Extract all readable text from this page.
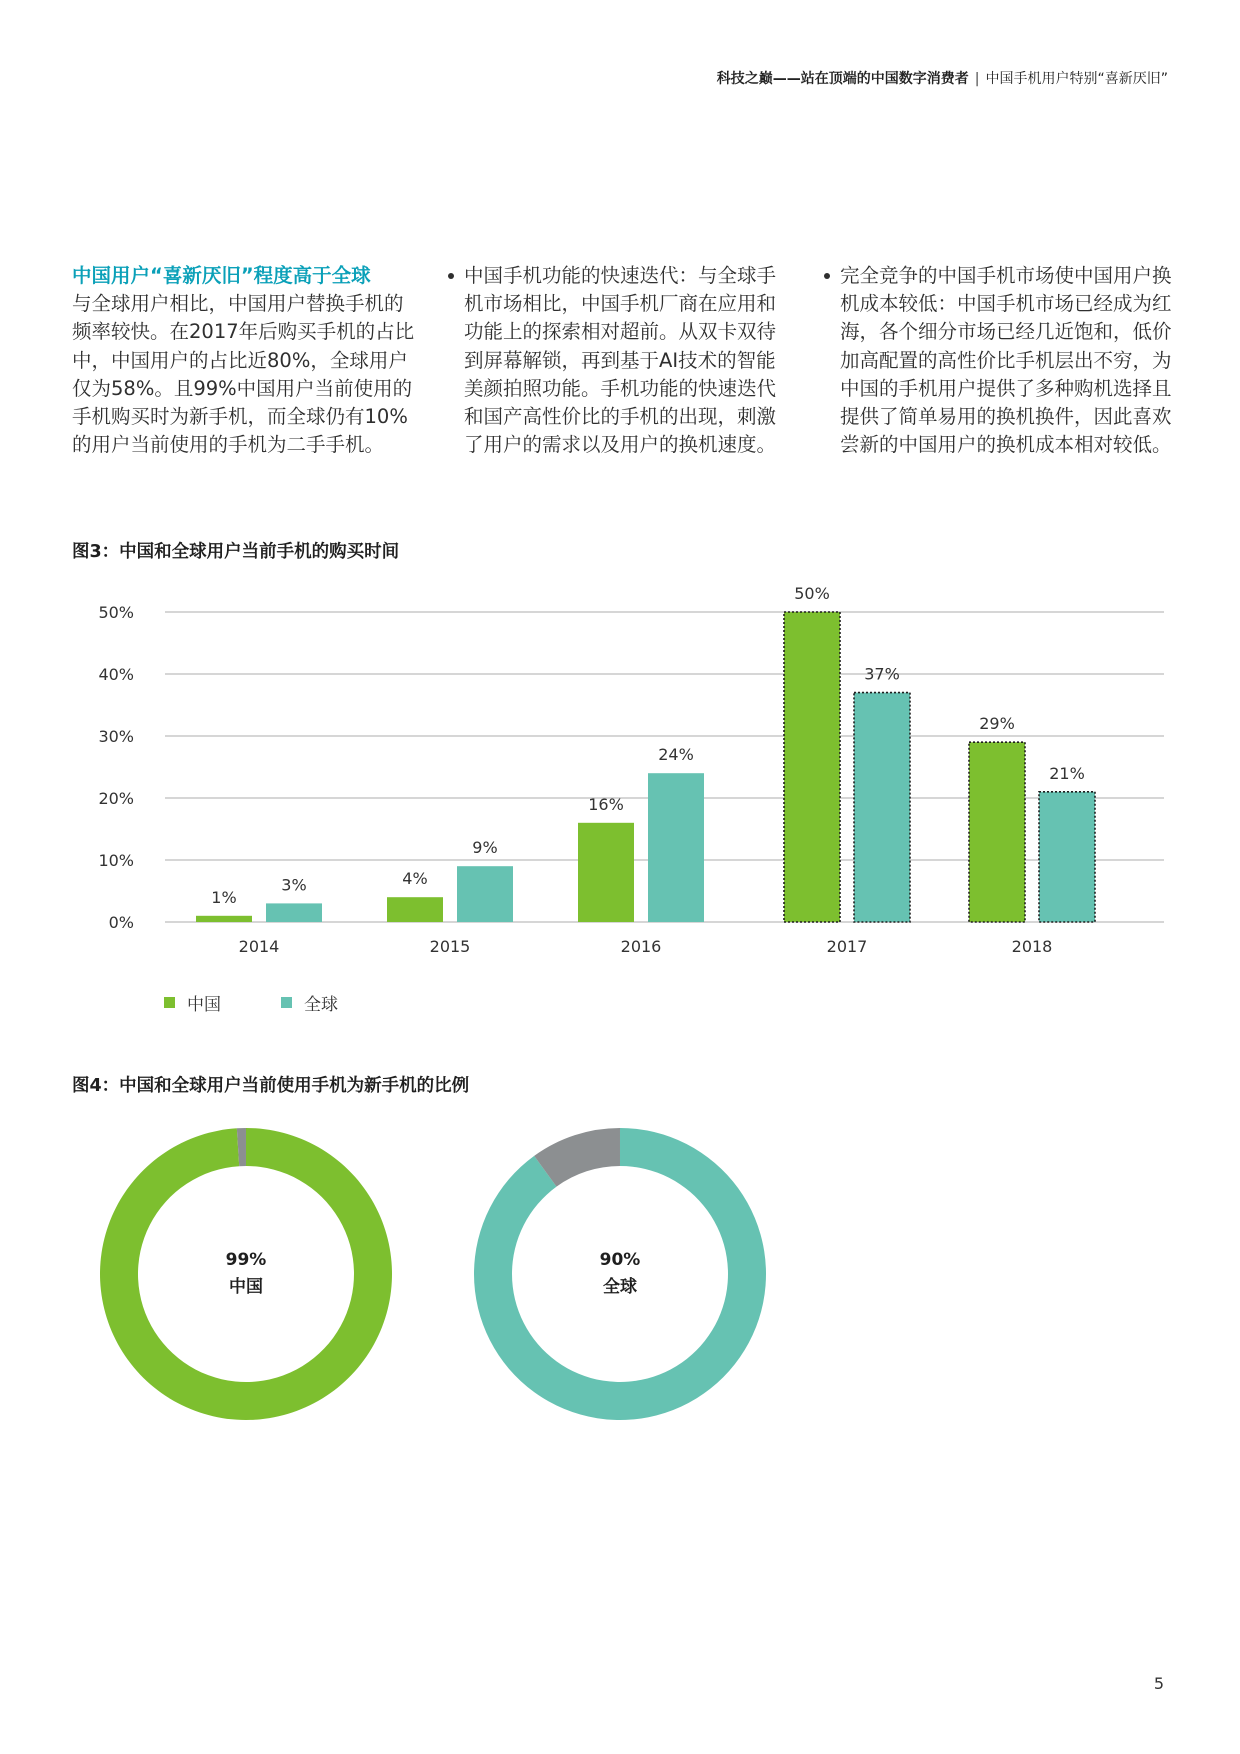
科技之巅——站在顶端的中国数字消费者 | 中国手机用户特别“喜新厌旧”
中国用户“喜新厌旧”程度高于全球
与全球用户相比，中国用户替换手机的频率较快。在2017年后购买手机的占比中，中国用户的占比近80%，全球用户仅为58%。且99%中国用户当前使用的手机购买时为新手机，而全球仍有10%的用户当前使用的手机为二手手机。
中国手机功能的快速迭代：与全球手机市场相比，中国手机厂商在应用和功能上的探索相对超前。从双卡双待到屏幕解锁，再到基于AI技术的智能美颜拍照功能。手机功能的快速迭代和国产高性价比的手机的出现，刺激了用户的需求以及用户的换机速度。
完全竞争的中国手机市场使中国用户换机成本较低：中国手机市场已经成为红海，各个细分市场已经几近饱和，低价加高配置的高性价比手机层出不穷，为中国的手机用户提供了多种购机选择且提供了简单易用的换机换件，因此喜欢尝新的中国用户的换机成本相对较低。
图3：中国和全球用户当前手机的购买时间
0%
10%
20%
30%
40%
50%
1%
3%
2014
4%
9%
2015
16%
24%
2016
50%
37%
2017
29%
21%
2018
中国	全球
图4：中国和全球用户当前使用手机为新手机的比例
99%
中国
90%
全球
5
